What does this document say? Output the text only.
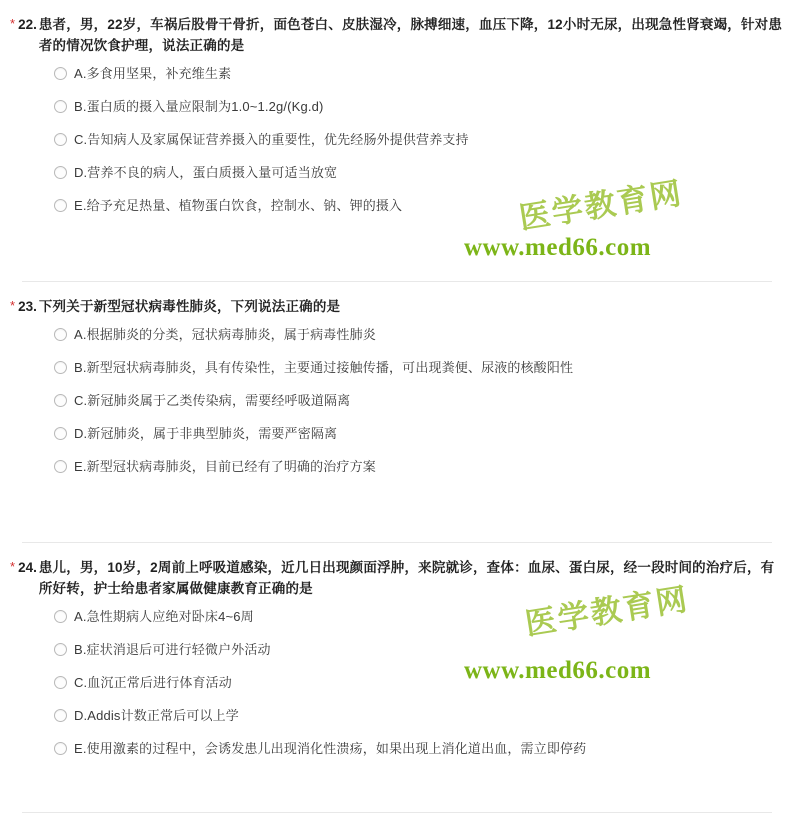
* 22. 患者，男，22岁，车祸后股骨干骨折，面色苍白、皮肤湿冷，脉搏细速，血压下降，12小时无尿，出现急性肾衰竭，针对患者的情况饮食护理，说法正确的是
A.多食用坚果，补充维生素
B.蛋白质的摄入量应限制为1.0~1.2g/(Kg.d)
C.告知病人及家属保证营养摄入的重要性，优先经肠外提供营养支持
D.营养不良的病人，蛋白质摄入量可适当放宽
E.给予充足热量、植物蛋白饮食，控制水、钠、钾的摄入
* 23. 下列关于新型冠状病毒性肺炎，下列说法正确的是
A.根据肺炎的分类，冠状病毒肺炎，属于病毒性肺炎
B.新型冠状病毒肺炎，具有传染性，主要通过接触传播，可出现粪便、尿液的核酸阳性
C.新冠肺炎属于乙类传染病，需要经呼吸道隔离
D.新冠肺炎，属于非典型肺炎，需要严密隔离
E.新型冠状病毒肺炎，目前已经有了明确的治疗方案
* 24. 患儿，男，10岁，2周前上呼吸道感染，近几日出现颜面浮肿，来院就诊，查体：血尿、蛋白尿，经一段时间的治疗后，有所好转，护士给患者家属做健康教育正确的是
A.急性期病人应绝对卧床4~6周
B.症状消退后可进行轻微户外活动
C.血沉正常后进行体育活动
D.Addis计数正常后可以上学
E.使用激素的过程中，会诱发患儿出现消化性溃疡，如果出现上消化道出血，需立即停药
医学教育网
www.med66.com
医学教育网
www.med66.com
